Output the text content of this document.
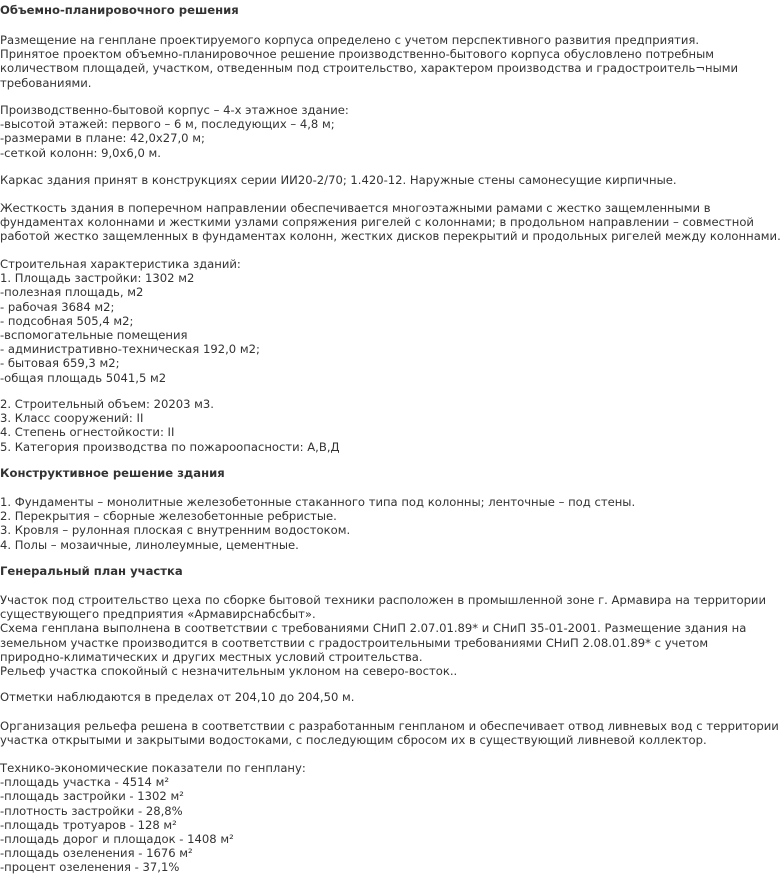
Объемно-планировочного решения
Размещение на генплане проектируемого корпуса определено с учетом перспективного развития предприятия.
Принятое проектом объемно-планировочное решение производственно-бытового корпуса обусловлено потребным
количеством площадей, участком, отведенным под строительство, характером производства и градостроитель¬ными
требованиями.
Производственно-бытовой корпус – 4-х этажное здание:
-высотой этажей: первого – 6 м, последующих – 4,8 м;
-размерами в плане: 42,0x27,0 м;
-сеткой колонн: 9,0x6,0 м.
Каркас здания принят в конструкциях серии ИИ20-2/70; 1.420-12. Наружные стены самонесущие кирпичные.
Жесткость здания в поперечном направлении обеспечивается многоэтажными рамами с жестко защемленными в
фундаментах колоннами и жесткими узлами сопряжения ригелей с колоннами; в продольном направлении – совместной
работой жестко защемленных в фундаментах колонн, жестких дисков перекрытий и продольных ригелей между колоннами.
Строительная характеристика зданий:
1. Площадь застройки: 1302 м2
-полезная площадь, м2
- рабочая 3684 м2;
- подсобная 505,4 м2;
-вспомогательные помещения
- административно-техническая 192,0 м2;
- бытовая 659,3 м2;
-общая площадь 5041,5 м2
2. Строительный объем: 20203 м3.
3. Класс сооружений: II
4. Степень огнестойкости: II
5. Категория производства по пожароопасности: А,В,Д
Конструктивное решение здания
1. Фундаменты – монолитные железобетонные стаканного типа под колонны; ленточные – под стены.
2. Перекрытия – сборные железобетонные ребристые.
3. Кровля – рулонная плоская с внутренним водостоком.
4. Полы – мозаичные, линолеумные, цементные.
Генеральный план участка
Участок под строительство цеха по сборке бытовой техники расположен в промышленной зоне г. Армавира на территории
существующего предприятия «Армавирснабсбыт».
Схема генплана выполнена в соответствии с требованиями СНиП 2.07.01.89* и СНиП 35-01-2001. Размещение здания на
земельном участке производится в соответствии с градостроительными требованиями СНиП 2.08.01.89* с учетом
природно-климатических и других местных условий строительства.
Рельеф участка спокойный с незначительным уклоном на северо-восток..
Отметки наблюдаются в пределах от 204,10 до 204,50 м.
Организация рельефа решена в соответствии с разработанным генпланом и обеспечивает отвод ливневых вод с территории
участка открытыми и закрытыми водостоками, с последующим сбросом их в существующий ливневой коллектор.
Технико-экономические показатели по генплану:
-площадь участка - 4514 м²
-площадь застройки - 1302 м²
-плотность застройки - 28,8%
-площадь тротуаров - 128 м²
-площадь дорог и площадок - 1408 м²
-площадь озеленения - 1676 м²
-процент озеленения - 37,1%
